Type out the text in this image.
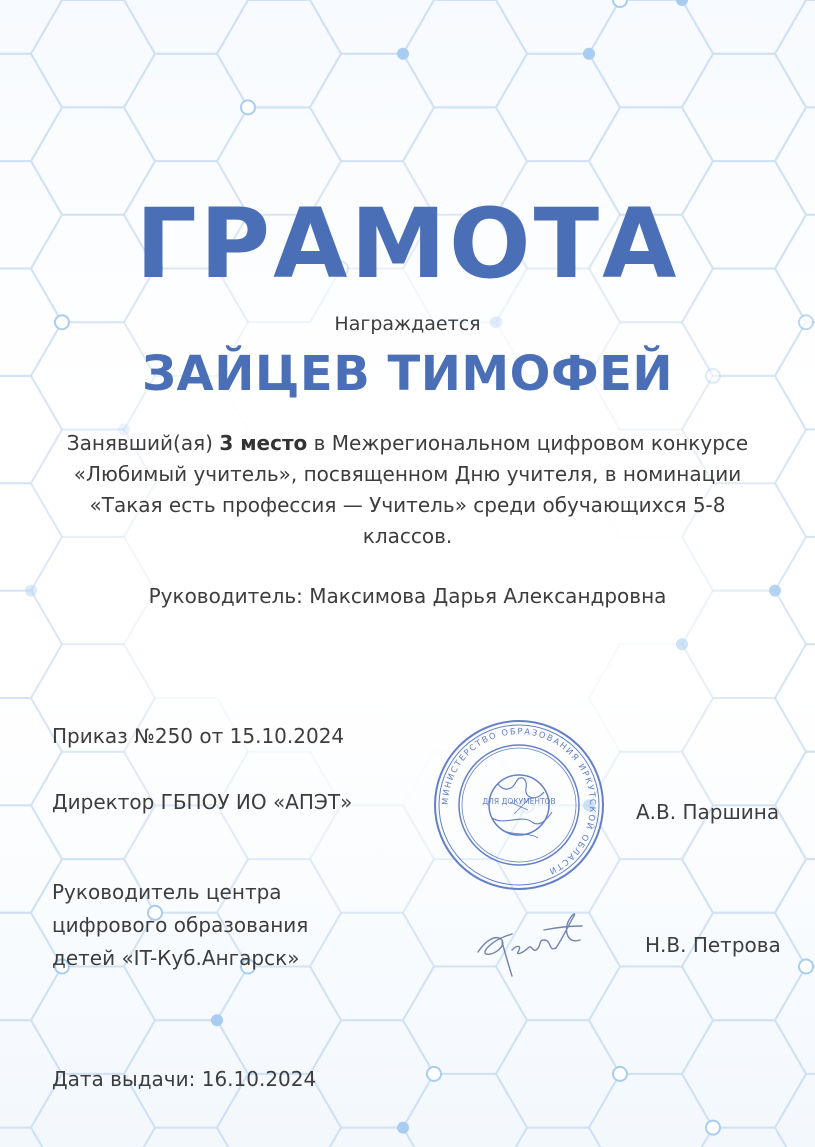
ГРАМОТА
Награждается
ЗАЙЦЕВ ТИМОФЕЙ
Занявший(ая) 3 место в Межрегиональном цифровом конкурсе «Любимый учитель», посвященном Дню учителя, в номинации «Такая есть профессия — Учитель» среди обучающихся 5-8 классов.
Руководитель: Максимова Дарья Александровна
Приказ №250 от 15.10.2024
Директор ГБПОУ ИО «АПЭТ»	А.В. Паршина
Руководитель центра
цифрового образования
детей «IT-Куб.Ангарск»
Н.В. Петрова
Дата выдачи: 16.10.2024
МИНИСТЕРСТВО ОБРАЗОВАНИЯ ИРКУТСКОЙ ОБЛАСТИ
ДЛЯ ДОКУМЕНТОВ
